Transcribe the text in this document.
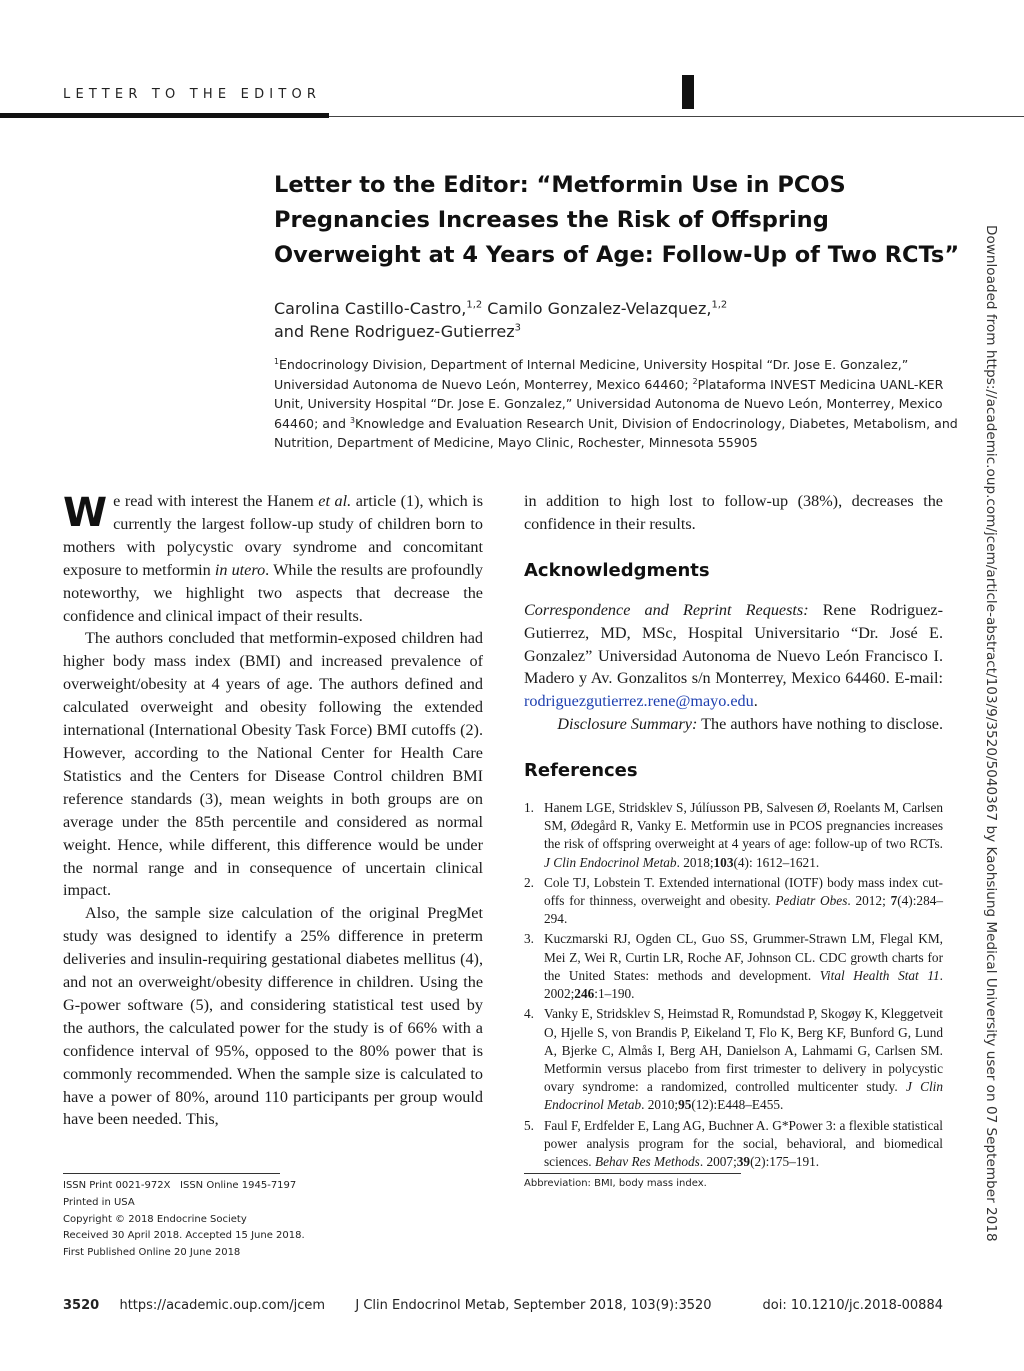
LETTER TO THE EDITOR
Letter to the Editor: “Metformin Use in PCOS Pregnancies Increases the Risk of Offspring Overweight at 4 Years of Age: Follow-Up of Two RCTs”
Carolina Castillo-Castro,$^{1,2}$ Camilo Gonzalez-Velazquez,$^{1,2}$
and Rene Rodriguez-Gutierrez$^3$
$^1$Endocrinology Division, Department of Internal Medicine, University Hospital “Dr. Jose E. Gonzalez,” Universidad Autonoma de Nuevo León, Monterrey, Mexico 64460; $^2$Plataforma INVEST Medicina UANL-KER Unit, University Hospital “Dr. Jose E. Gonzalez,” Universidad Autonoma de Nuevo León, Monterrey, Mexico 64460; and $^3$Knowledge and Evaluation Research Unit, Division of Endocrinology, Diabetes, Metabolism, and Nutrition, Department of Medicine, Mayo Clinic, Rochester, Minnesota 55905

We read with interest the Hanem et al. article (1), which is currently the largest follow-up study of children born to mothers with polycystic ovary syndrome and concomitant exposure to metformin in utero. While the results are profoundly noteworthy, we highlight two aspects that decrease the confidence and clinical impact of their results.

The authors concluded that metformin-exposed children had higher body mass index (BMI) and increased prevalence of overweight/obesity at 4 years of age. The authors defined and calculated overweight and obesity following the extended international (International Obesity Task Force) BMI cutoffs (2). However, according to the National Center for Health Care Statistics and the Centers for Disease Control children BMI reference standards (3), mean weights in both groups are on average under the 85th percentile and considered as normal weight. Hence, while different, this difference would be under the normal range and in consequence of uncertain clinical impact.

Also, the sample size calculation of the original PregMet study was designed to identify a 25% difference in preterm deliveries and insulin-requiring gestational diabetes mellitus (4), and not an overweight/obesity difference in children. Using the G-power software (5), and considering statistical test used by the authors, the calculated power for the study is of 66% with a confidence interval of 95%, opposed to the 80% power that is commonly recommended. When the sample size is calculated to have a power of 80%, around 110 participants per group would have been needed. This,

in addition to high lost to follow-up (38%), decreases the confidence in their results.

Acknowledgments

Correspondence and Reprint Requests: Rene Rodriguez-Gutierrez, MD, MSc, Hospital Universitario “Dr. José E. Gonzalez” Universidad Autonoma de Nuevo León Francisco I. Madero y Av. Gonzalitos s/n Monterrey, Mexico 64460. E-mail: rodriguezgutierrez.rene@mayo.edu.

Disclosure Summary: The authors have nothing to disclose.

References
1. Hanem LGE, Stridsklev S, Júlíusson PB, Salvesen Ø, Roelants M, Carlsen SM, Ødegård R, Vanky E. Metformin use in PCOS pregnancies increases the risk of offspring overweight at 4 years of age: follow-up of two RCTs. J Clin Endocrinol Metab. 2018;103(4): 1612–1621.
2. Cole TJ, Lobstein T. Extended international (IOTF) body mass index cut-offs for thinness, overweight and obesity. Pediatr Obes. 2012; 7(4):284–294.
3. Kuczmarski RJ, Ogden CL, Guo SS, Grummer-Strawn LM, Flegal KM, Mei Z, Wei R, Curtin LR, Roche AF, Johnson CL. CDC growth charts for the United States: methods and development. Vital Health Stat 11. 2002;246:1–190.
4. Vanky E, Stridsklev S, Heimstad R, Romundstad P, Skogøy K, Kleggetveit O, Hjelle S, von Brandis P, Eikeland T, Flo K, Berg KF, Bunford G, Lund A, Bjerke C, Almås I, Berg AH, Danielson A, Lahmami G, Carlsen SM. Metformin versus placebo from first trimester to delivery in polycystic ovary syndrome: a randomized, controlled multicenter study. J Clin Endocrinol Metab. 2010;95(12):E448–E455.
5. Faul F, Erdfelder E, Lang AG, Buchner A. G*Power 3: a flexible statistical power analysis program for the social, behavioral, and biomedical sciences. Behav Res Methods. 2007;39(2):175–191.
ISSN Print 0021-972X   ISSN Online 1945-7197
Printed in USA
Copyright © 2018 Endocrine Society
Received 30 April 2018. Accepted 15 June 2018.
First Published Online 20 June 2018
Abbreviation: BMI, body mass index.
3520 https://academic.oup.com/jcem J Clin Endocrinol Metab, September 2018, 103(9):3520	doi: 10.1210/jc.2018-00884
Downloaded from https://academic.oup.com/jcem/article-abstract/103/9/3520/5040367 by Kaohsiung Medical University user on 07 September 2018
